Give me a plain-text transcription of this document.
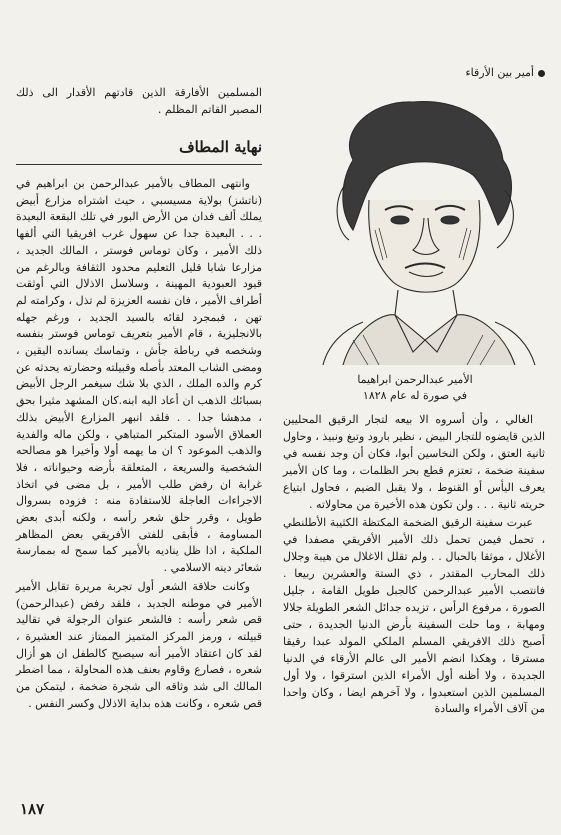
أمير بين الأرقاء
المسلمين الأفارقة الذين قادتهم الأقدار الى ذلك المصير القاتم المظلم .
نهاية المطاف

وانتهى المطاف بالأمير عبدالرحمن بن ابراهيم في (ناتشز) بولاية مسيسبي ، حيث اشتراه مزارع أبيض يملك ألف فدان من الأرض البور في تلك البقعة البعيدة . . . البعيدة جدا عن سهول غرب افريقيا التي ألفها ذلك الأمير ، وكان توماس فوستر ، المالك الجديد ، مزارعا شابا قليل التعليم محدود الثقافة وبالرغم من قيود العبودية المهينة ، وسلاسل الاذلال التي أوثقت أطراف الأمير ، فان نفسه العزيزة لم تذل ، وكرامته لم تهن ، فبمجرد لقائه بالسيد الجديد ، ورغم جهله بالانجليزية ، قام الأمير بتعريف توماس فوستر بنفسه وشخصه في رباطة جأش ، وتماسك يسانده اليقين ، ومضى الشاب المعتد بأصله وقبيلته وحضارته يحدثه عن كرم والده الملك ، الذي بلا شك سيغمر الرجل الأبيض بسبائك الذهب ان أعاد اليه ابنه.كان المشهد مثيرا بحق ، مدهشا جدا . . فلقد انبهر المزارع الأبيض بذلك العملاق الأسود المتكبر المتباهي ، ولكن ماله والفدية والذهب الموعود ؟ ان ما يهمه أولا وأخيرا هو مصالحه الشخصية والسريعة ، المتعلقة بأرضه وحيواناته ، فلا غرابة ان رفض طلب الأمير ، بل مضى في اتخاذ الاجراءات العاجلة للاستفادة منه : فزوده بسروال طويل ، وقرر حلق شعر رأسه ، ولكنه أبدى بعض المساومة ، فأبقى للفتى الأفريقي بعض المظاهر الملكية ، اذا ظل يناديه بالأمير كما سمح له بممارسة شعائر دينه الاسلامي .

وكانت حلاقة الشعر أول تجربة مريرة تقابل الأمير الأمير في موطنه الجديد ، فلقد رفض (عبدالرحمن) قص شعر رأسه : فالشعر عنوان الرجولة في تقاليد قبيلته ، ورمز المركز المتميز الممتاز عند العشيرة ، لقد كان اعتقاد الأمير أنه سيصبح كالطفل ان هو أزال شعره ، فصارع وقاوم بعنف هذه المحاولة ، مما اضطر المالك الى شد وثاقه الى شجرة ضخمة ، ليتمكن من قص شعره ، وكانت هذه بداية الاذلال وكسر النفس .

الأمير عبدالرحمن ابراهيما
في صورة له عام ١٨٢٨

الغالي ، وأن أسروه الا بيعه لتجار الرقيق المحليين الذين قايضوه للتجار البيض ، نظير بارود وتبغ ونبيذ ، وحاول ثانية العتق ، ولكن النخاسين أبوا، فكان أن وجد نفسه في سفينة ضخمة ، تعتزم قطع بحر الظلمات ، وما كان الأمير يعرف اليأس أو القنوط ، ولا يقبل الضيم ، فحاول ابتياع حريته ثانية . . . ولن تكون هذه الأخيرة من محاولاته .

عبرت سفينة الرقيق الضخمة المكتظة الكثيبة الأطلنطي ، تحمل فيمن تحمل ذلك الأمير الأفريقي مصفدا في الأغلال ، موثقا بالحبال . . ولم تقلل الاغلال من هيبة وجلال ذلك المحارب المقتدر ، ذي الستة والعشرين ربيعا . فانتصب الأمير عبدالرحمن كالجبل طويل القامة ، جليل الصورة ، مرفوع الرأس ، تزيده جدائل الشعر الطويلة جلالا ومهابة ، وما حلت السفينة بأرض الدنيا الجديدة ، حتى أصبح ذلك الافريقي المسلم الملكي المولد عبدا رقيقا مسترقا ، وهكذا انضم الأمير الى عالم الأرقاء في الدنيا الجديدة ، ولا أظنه أول الأمراء الذين استرقوا ، ولا أول المسلمين الذين استعبدوا ، ولا آخرهم ايضا ، وكان واحدا من آلاف الأمراء والسادة

١٨٧
